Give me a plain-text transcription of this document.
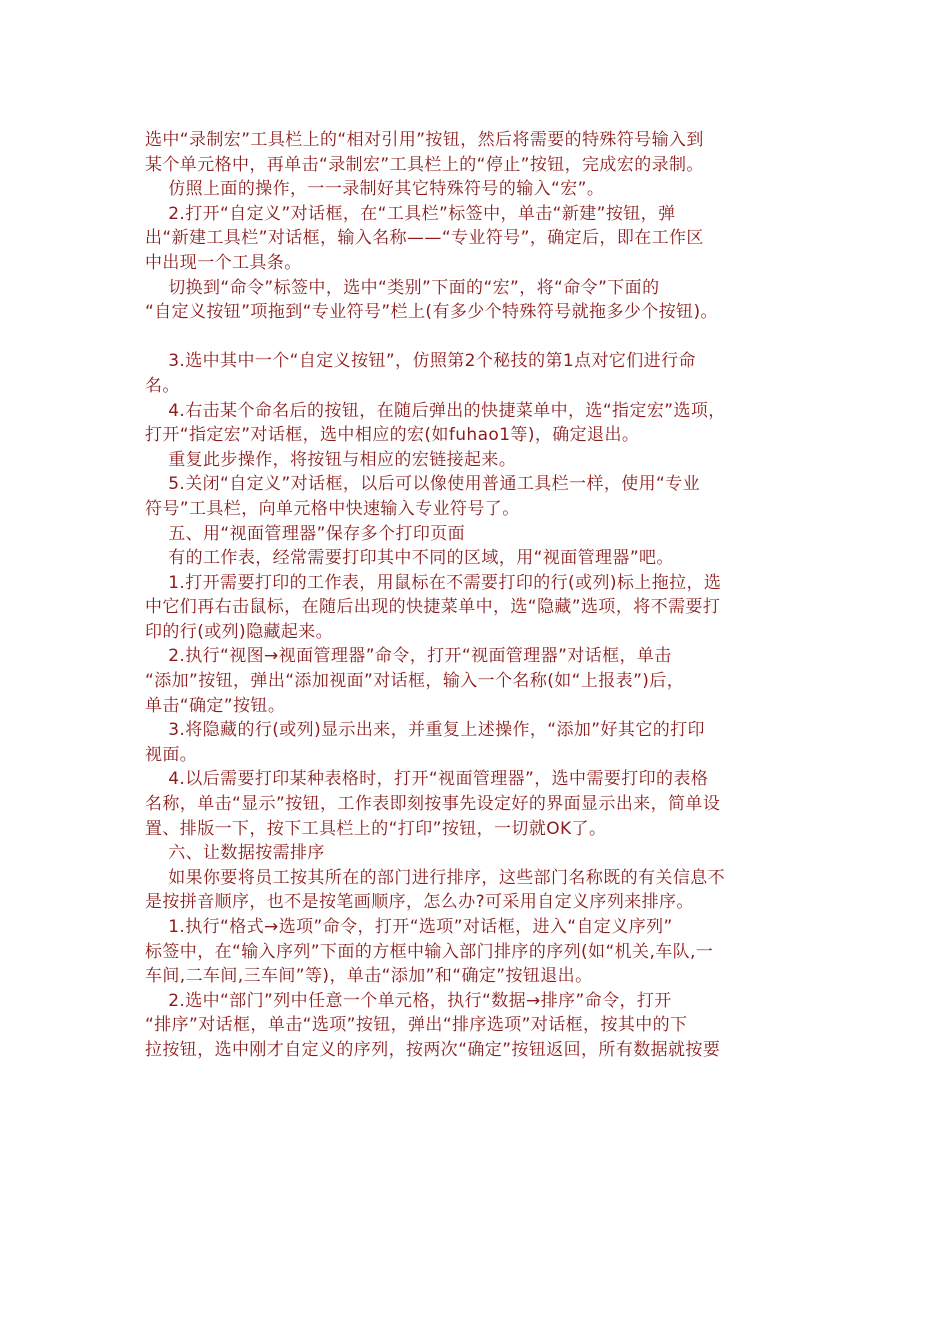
选中“录制宏”工具栏上的“相对引用”按钮，然后将需要的特殊符号输入到

某个单元格中，再单击“录制宏”工具栏上的“停止”按钮，完成宏的录制。

仿照上面的操作，一一录制好其它特殊符号的输入“宏”。

2.打开“自定义”对话框，在“工具栏”标签中，单击“新建”按钮，弹

出“新建工具栏”对话框，输入名称——“专业符号”，确定后，即在工作区

中出现一个工具条。

切换到“命令”标签中，选中“类别”下面的“宏”，将“命令”下面的

“自定义按钮”项拖到“专业符号”栏上(有多少个特殊符号就拖多少个按钮)。

3.选中其中一个“自定义按钮”，仿照第2个秘技的第1点对它们进行命

名。

4.右击某个命名后的按钮，在随后弹出的快捷菜单中，选“指定宏”选项，

打开“指定宏”对话框，选中相应的宏(如fuhao1等)，确定退出。

重复此步操作，将按钮与相应的宏链接起来。

5.关闭“自定义”对话框，以后可以像使用普通工具栏一样，使用“专业

符号”工具栏，向单元格中快速输入专业符号了。

五、用“视面管理器”保存多个打印页面

有的工作表，经常需要打印其中不同的区域，用“视面管理器”吧。

1.打开需要打印的工作表，用鼠标在不需要打印的行(或列)标上拖拉，选

中它们再右击鼠标，在随后出现的快捷菜单中，选“隐藏”选项，将不需要打

印的行(或列)隐藏起来。

2.执行“视图→视面管理器”命令，打开“视面管理器”对话框，单击

“添加”按钮，弹出“添加视面”对话框，输入一个名称(如“上报表”)后，

单击“确定”按钮。

3.将隐藏的行(或列)显示出来，并重复上述操作，“添加”好其它的打印

视面。

4.以后需要打印某种表格时，打开“视面管理器”，选中需要打印的表格

名称，单击“显示”按钮，工作表即刻按事先设定好的界面显示出来，简单设

置、排版一下，按下工具栏上的“打印”按钮，一切就OK了。

六、让数据按需排序

如果你要将员工按其所在的部门进行排序，这些部门名称既的有关信息不

是按拼音顺序，也不是按笔画顺序，怎么办?可采用自定义序列来排序。

1.执行“格式→选项”命令，打开“选项”对话框，进入“自定义序列”

标签中，在“输入序列”下面的方框中输入部门排序的序列(如“机关,车队,一

车间,二车间,三车间”等)，单击“添加”和“确定”按钮退出。

2.选中“部门”列中任意一个单元格，执行“数据→排序”命令，打开

“排序”对话框，单击“选项”按钮，弹出“排序选项”对话框，按其中的下

拉按钮，选中刚才自定义的序列，按两次“确定”按钮返回，所有数据就按要
